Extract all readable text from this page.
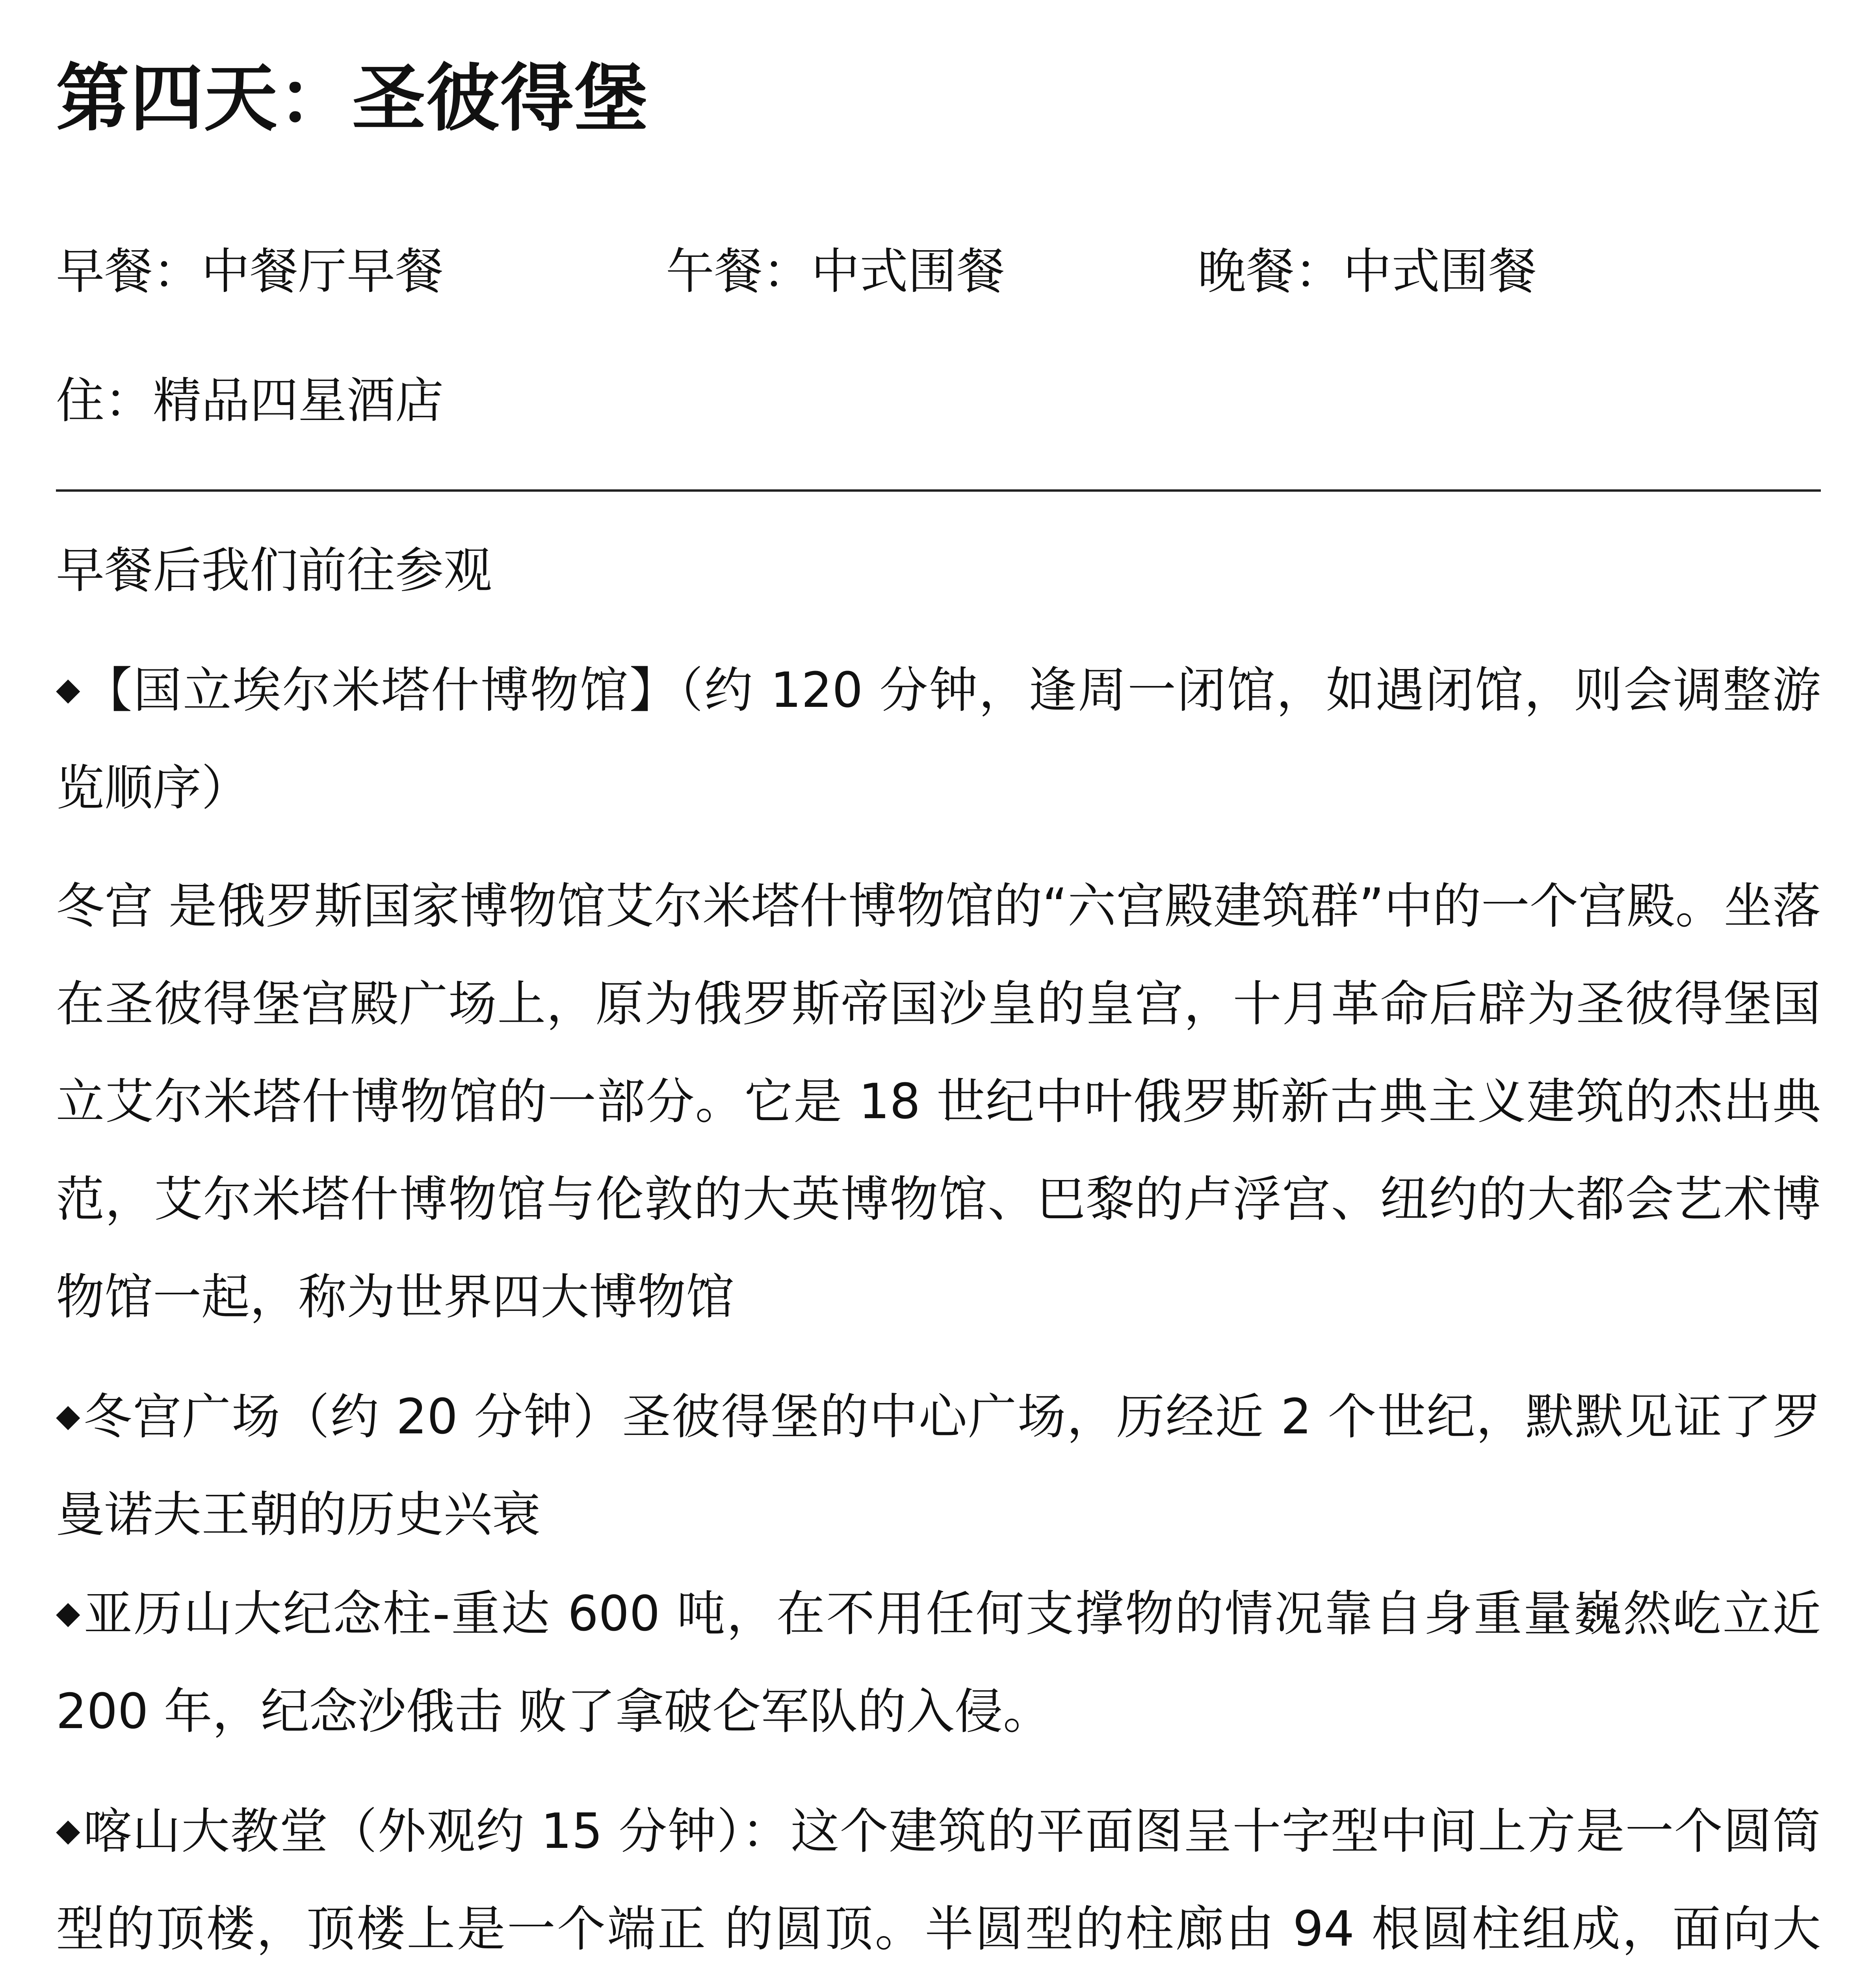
第四天：圣彼得堡
早餐：中餐厅早餐	午餐：中式围餐	晚餐：中式围餐
住：精品四星酒店

早餐后我们前往参观

◆【国立埃尔米塔什博物馆】（约 120 分钟，逢周一闭馆，如遇闭馆，则会调整游览顺序）

冬宫 是俄罗斯国家博物馆艾尔米塔什博物馆的“六宫殿建筑群”中的一个宫殿。坐落在圣彼得堡宫殿广场上，原为俄罗斯帝国沙皇的皇宫，十月革命后辟为圣彼得堡国立艾尔米塔什博物馆的一部分。它是 18 世纪中叶俄罗斯新古典主义建筑的杰出典范，艾尔米塔什博物馆与伦敦的大英博物馆、巴黎的卢浮宫、纽约的大都会艺术博物馆一起，称为世界四大博物馆

◆冬宫广场（约 20 分钟）圣彼得堡的中心广场，历经近 2 个世纪，默默见证了罗曼诺夫王朝的历史兴衰

◆亚历山大纪念柱-重达 600 吨，在不用任何支撑物的情况靠自身重量巍然屹立近 200 年，纪念沙俄击 败了拿破仑军队的入侵。

◆喀山大教堂（外观约 15 分钟）：这个建筑的平面图呈十字型中间上方是一个圆筒型的顶楼，顶楼上是一个端正 的圆顶。半圆型的柱廊由 94 根圆柱组成，面向大
